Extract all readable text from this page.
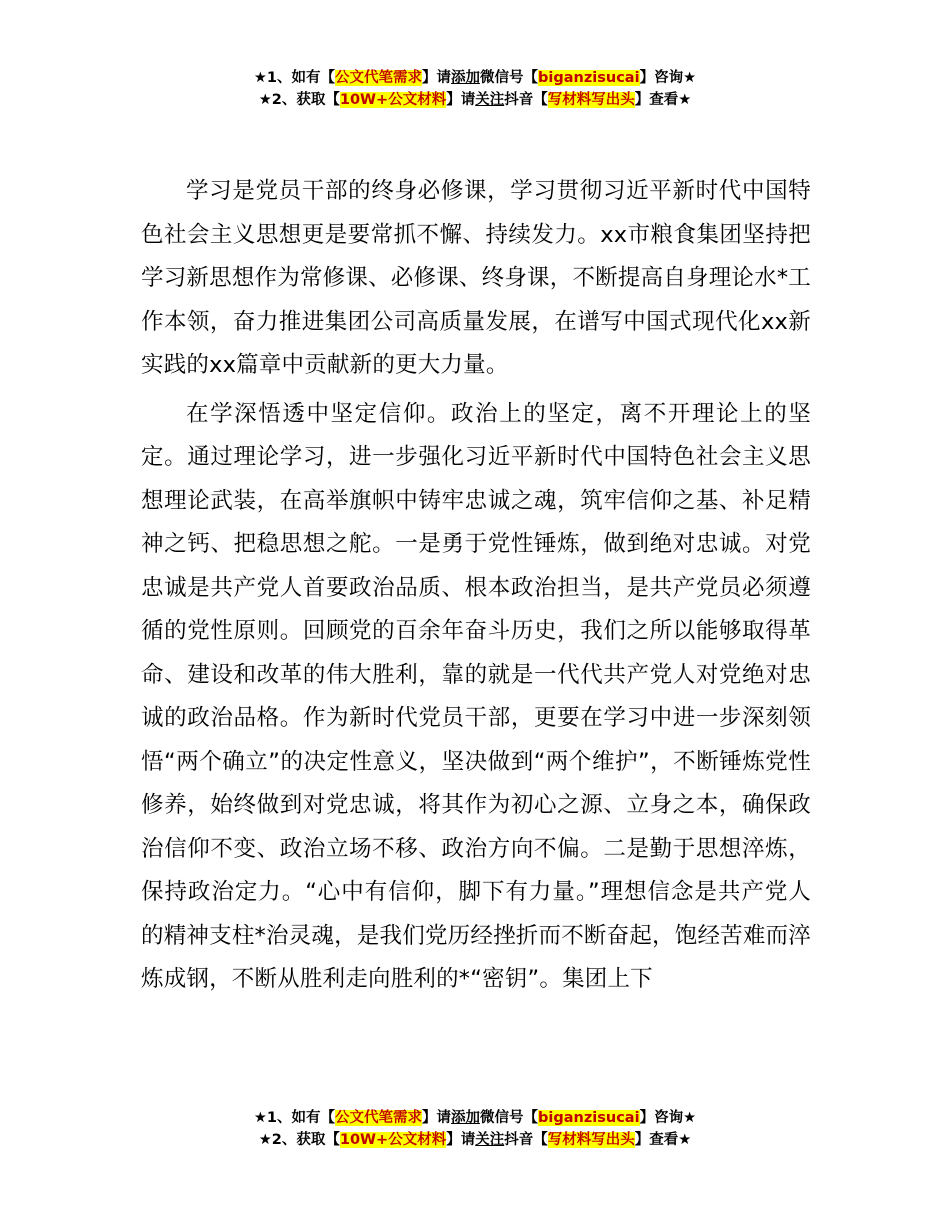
★1、如有【公文代笔需求】请添加微信号【biganzisucai】咨询★
★2、获取【10W+公文材料】请关注抖音【写材料写出头】查看★

学习是党员干部的终身必修课，学习贯彻习近平新时代中国特色社会主义思想更是要常抓不懈、持续发力。xx市粮食集团坚持把学习新思想作为常修课、必修课、终身课，不断提高自身理论水*工作本领，奋力推进集团公司高质量发展，在谱写中国式现代化xx新实践的xx篇章中贡献新的更大力量。

在学深悟透中坚定信仰。政治上的坚定，离不开理论上的坚定。通过理论学习，进一步强化习近平新时代中国特色社会主义思想理论武装，在高举旗帜中铸牢忠诚之魂，筑牢信仰之基、补足精神之钙、把稳思想之舵。一是勇于党性锤炼，做到绝对忠诚。对党忠诚是共产党人首要政治品质、根本政治担当，是共产党员必须遵循的党性原则。回顾党的百余年奋斗历史，我们之所以能够取得革命、建设和改革的伟大胜利，靠的就是一代代共产党人对党绝对忠诚的政治品格。作为新时代党员干部，更要在学习中进一步深刻领悟“两个确立”的决定性意义，坚决做到“两个维护”，不断锤炼党性修养，始终做到对党忠诚，将其作为初心之源、立身之本，确保政治信仰不变、政治立场不移、政治方向不偏。二是勤于思想淬炼，保持政治定力。“心中有信仰，脚下有力量。”理想信念是共产党人的精神支柱*治灵魂，是我们党历经挫折而不断奋起，饱经苦难而淬炼成钢，不断从胜利走向胜利的*“密钥”。集团上下

★1、如有【公文代笔需求】请添加微信号【biganzisucai】咨询★
★2、获取【10W+公文材料】请关注抖音【写材料写出头】查看★
